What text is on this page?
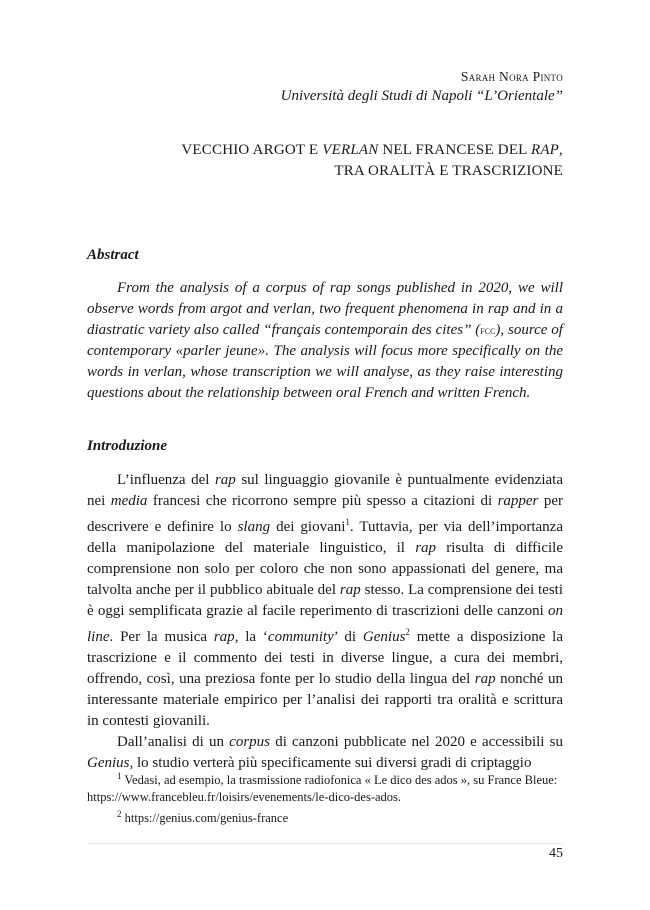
Sarah Nora Pinto
Università degli Studi di Napoli “L’Orientale”
VECCHIO ARGOT E VERLAN NEL FRANCESE DEL RAP,
TRA ORALITÀ E TRASCRIZIONE
Abstract

From the analysis of a corpus of rap songs published in 2020, we will observe words from argot and verlan, two frequent phenomena in rap and in a diastratic variety also called “français contemporain des cites” (fcc), source of contemporary «parler jeune». The analysis will focus more specifically on the words in verlan, whose transcription we will analyse, as they raise interesting questions about the relationship between oral French and written French.

Introduzione

L’influenza del rap sul linguaggio giovanile è puntualmente evidenziata nei media francesi che ricorrono sempre più spesso a citazioni di rapper per descrivere e definire lo slang dei giovani$^1$. Tuttavia, per via dell’importanza della manipolazione del materiale linguistico, il rap risulta di difficile comprensione non solo per coloro che non sono appassionati del genere, ma talvolta anche per il pubblico abituale del rap stesso. La comprensione dei testi è oggi semplificata grazie al facile reperimento di trascrizioni delle canzoni on line. Per la musica rap, la ‘community’ di Genius$^2$ mette a disposizione la trascrizione e il commento dei testi in diverse lingue, a cura dei membri, offrendo, così, una preziosa fonte per lo studio della lingua del rap nonché un interessante materiale empirico per l’analisi dei rapporti tra oralità e scrittura in contesti giovanili.

Dall’analisi di un corpus di canzoni pubblicate nel 2020 e accessibili su Genius, lo studio verterà più specificamente sui diversi gradi di criptaggio

$^1$ Vedasi, ad esempio, la trasmissione radiofonica « Le dico des ados », su France Bleue: https://www.francebleu.fr/loisirs/evenements/le-dico-des-ados.

$^2$ https://genius.com/genius-france

45
